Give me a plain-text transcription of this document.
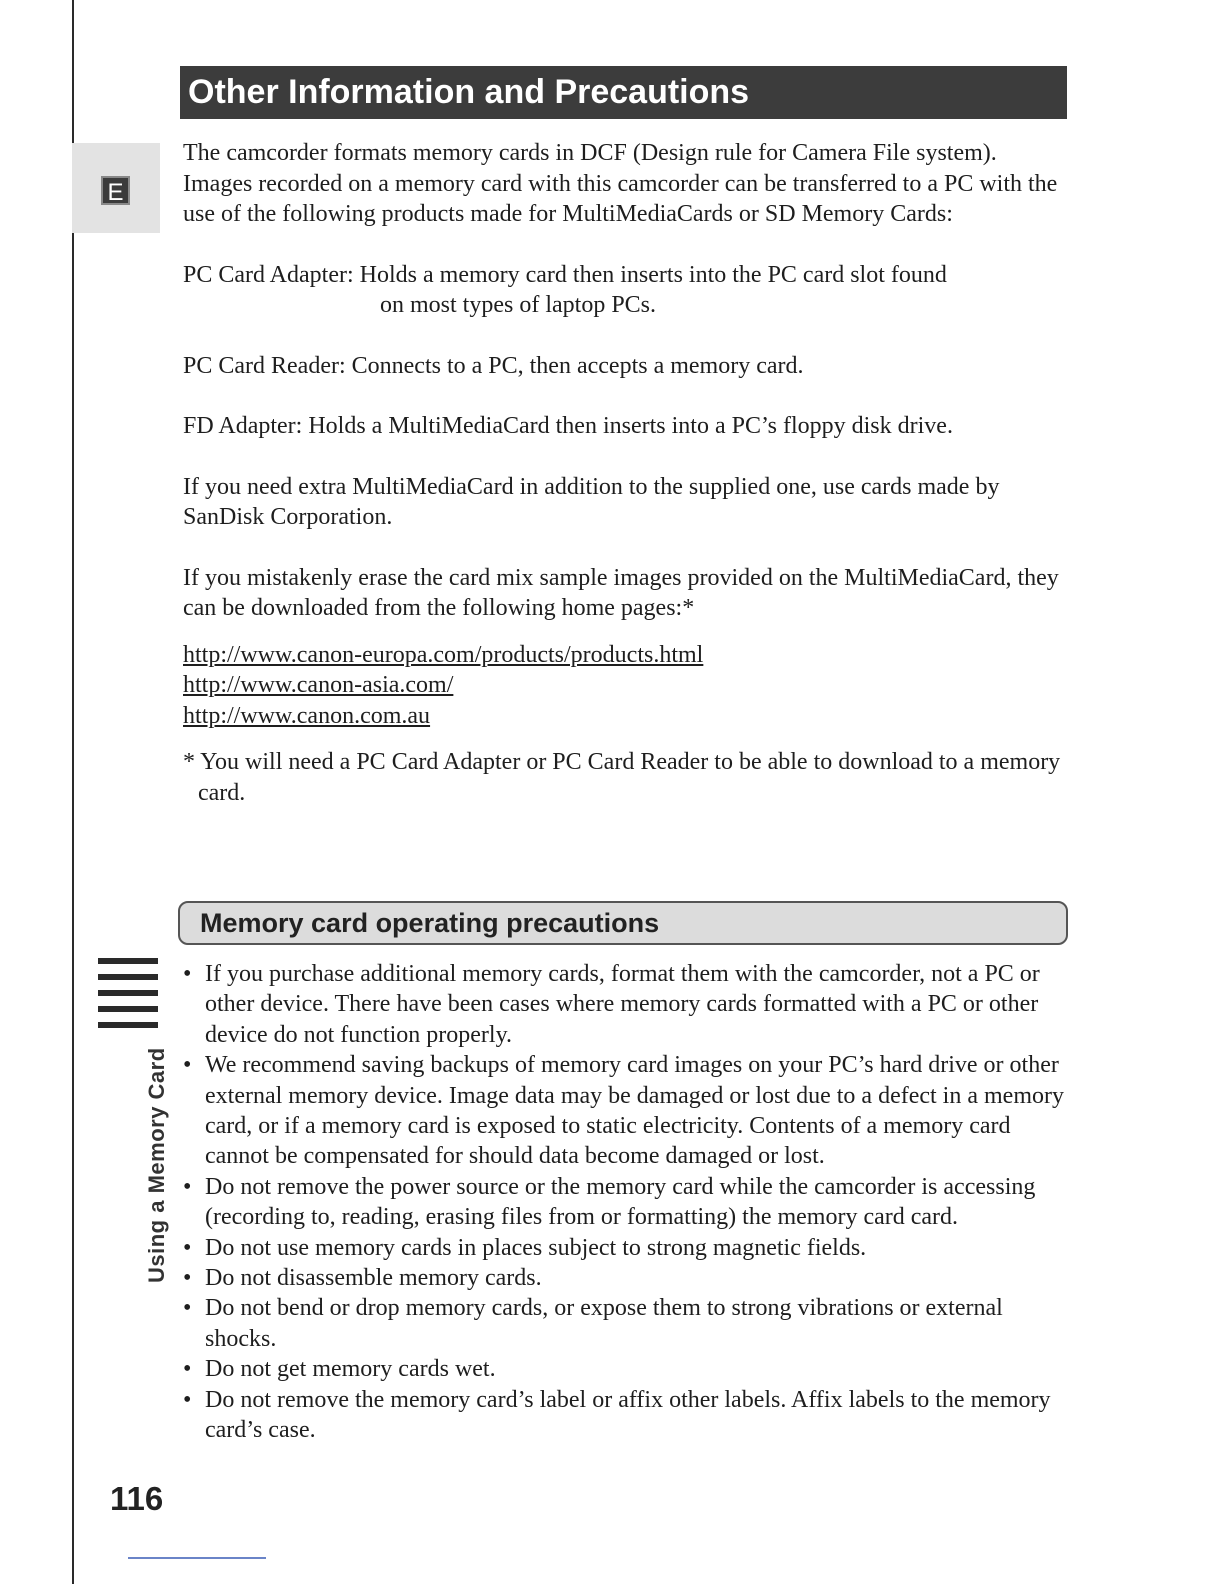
E
Using a Memory Card
116
Other Information and Precautions

The camcorder formats memory cards in DCF (Design rule for Camera File system).

Images recorded on a memory card with this camcorder can be transferred to a PC with the use of the following products made for MultiMediaCards or SD Memory Cards:

PC Card Adapter: Holds a memory card then inserts into the PC card slot found
on most types of laptop PCs.

PC Card Reader: Connects to a PC, then accepts a memory card.

FD Adapter: Holds a MultiMediaCard then inserts into a PC’s floppy disk drive.

If you need extra MultiMediaCard in addition to the supplied one, use cards made by SanDisk Corporation.

If you mistakenly erase the card mix sample images provided on the MultiMediaCard, they can be downloaded from the following home pages:*

http://www.canon-europa.com/products/products.html
http://www.canon-asia.com/
http://www.canon.com.au

* You will need a PC Card Adapter or PC Card Reader to be able to download to a memory card.

Memory card operating precautions
• If you purchase additional memory cards, format them with the camcorder, not a PC or other device. There have been cases where memory cards formatted with a PC or other device do not function properly.
• We recommend saving backups of memory card images on your PC’s hard drive or other external memory device. Image data may be damaged or lost due to a defect in a memory card, or if a memory card is exposed to static electricity. Contents of a memory card cannot be compensated for should data become damaged or lost.
• Do not remove the power source or the memory card while the camcorder is accessing (recording to, reading, erasing files from or formatting) the memory card card.
• Do not use memory cards in places subject to strong magnetic fields.
• Do not disassemble memory cards.
• Do not bend or drop memory cards, or expose them to strong vibrations or external shocks.
• Do not get memory cards wet.
• Do not remove the memory card’s label or affix other labels. Affix labels to the memory card’s case.
